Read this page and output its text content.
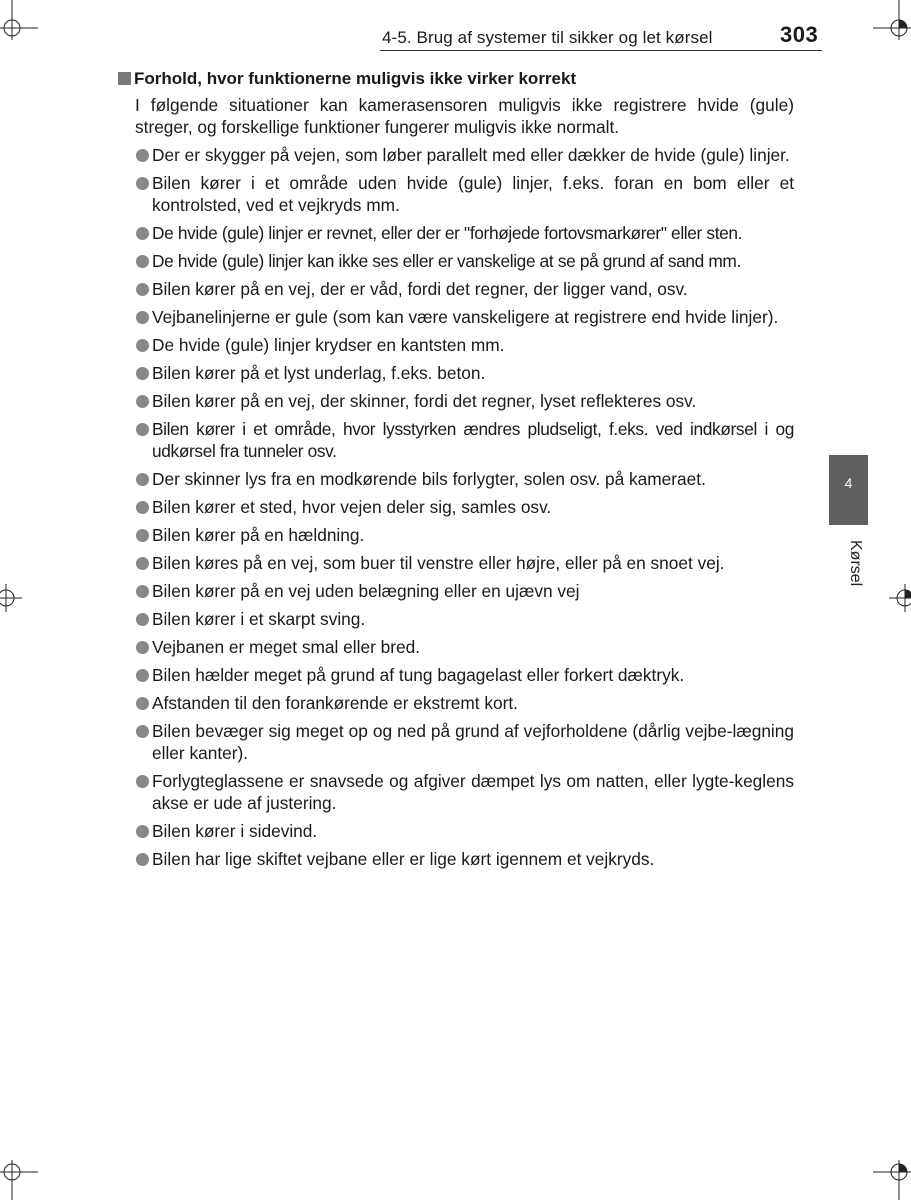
4-5. Brug af systemer til sikker og let kørsel	303
4
Kørsel
Forhold, hvor funktionerne muligvis ikke virker korrekt

I følgende situationer kan kamerasensoren muligvis ikke registrere hvide (gule) streger, og forskellige funktioner fungerer muligvis ikke normalt.

Der er skygger på vejen, som løber parallelt med eller dækker de hvide (gule) linjer.
Bilen kører i et område uden hvide (gule) linjer, f.eks. foran en bom eller et kontrolsted, ved et vejkryds mm.
De hvide (gule) linjer er revnet, eller der er "forhøjede fortovsmarkører" eller sten.
De hvide (gule) linjer kan ikke ses eller er vanskelige at se på grund af sand mm.
Bilen kører på en vej, der er våd, fordi det regner, der ligger vand, osv.
Vejbanelinjerne er gule (som kan være vanskeligere at registrere end hvide linjer).
De hvide (gule) linjer krydser en kantsten mm.
Bilen kører på et lyst underlag, f.eks. beton.
Bilen kører på en vej, der skinner, fordi det regner, lyset reflekteres osv.
Bilen kører i et område, hvor lysstyrken ændres pludseligt, f.eks. ved indkørsel i og udkørsel fra tunneler osv.
Der skinner lys fra en modkørende bils forlygter, solen osv. på kameraet.
Bilen kører et sted, hvor vejen deler sig, samles osv.
Bilen kører på en hældning.
Bilen køres på en vej, som buer til venstre eller højre, eller på en snoet vej.
Bilen kører på en vej uden belægning eller en ujævn vej
Bilen kører i et skarpt sving.
Vejbanen er meget smal eller bred.
Bilen hælder meget på grund af tung bagagelast eller forkert dæktryk.
Afstanden til den forankørende er ekstremt kort.
Bilen bevæger sig meget op og ned på grund af vejforholdene (dårlig vejbe-lægning eller kanter).
Forlygteglassene er snavsede og afgiver dæmpet lys om natten, eller lygte-keglens akse er ude af justering.
Bilen kører i sidevind.
Bilen har lige skiftet vejbane eller er lige kørt igennem et vejkryds.
